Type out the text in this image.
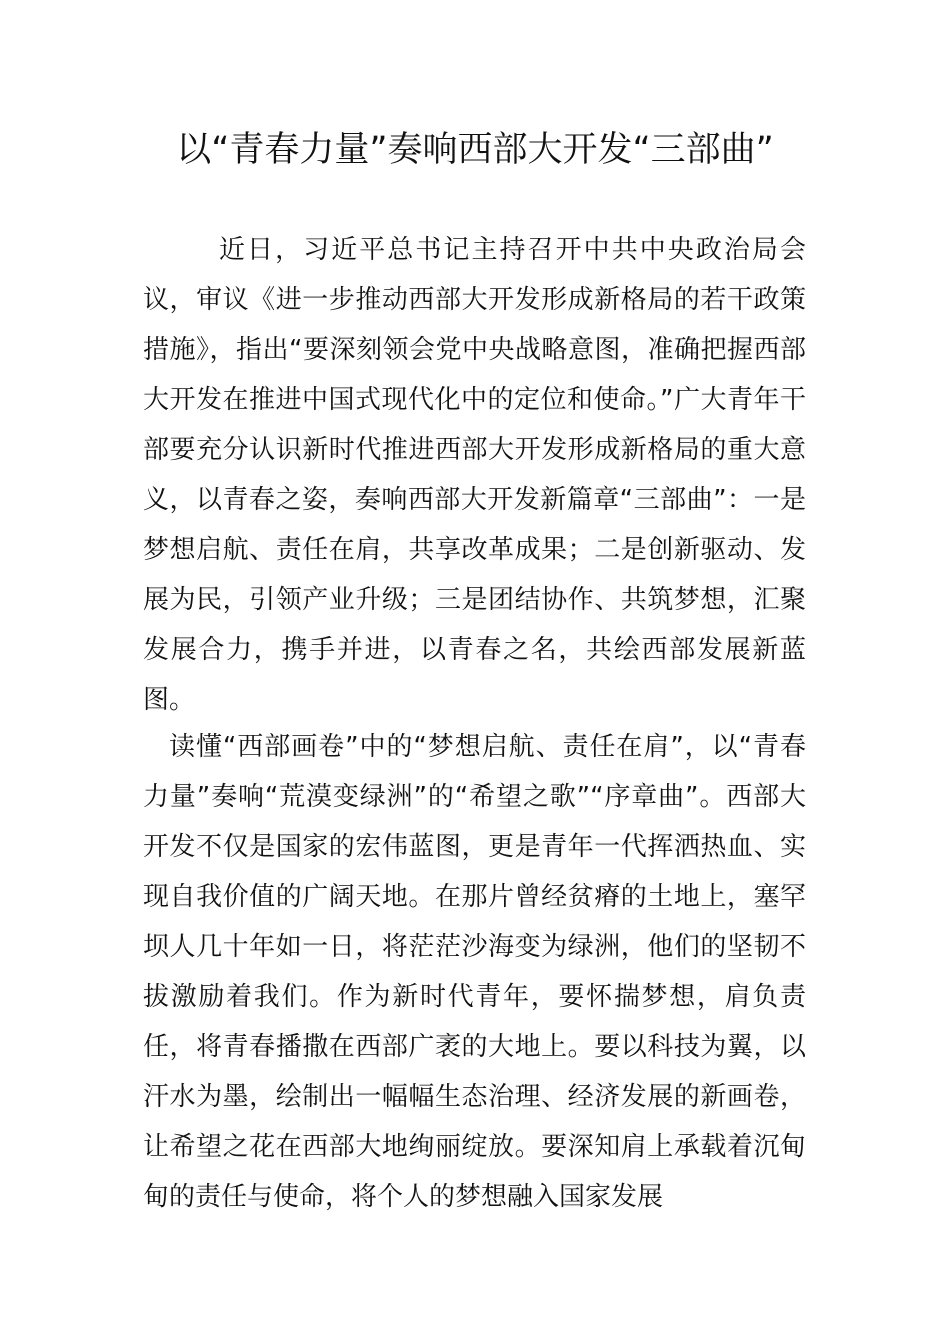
以“青春力量”奏响西部大开发“三部曲”

近日，习近平总书记主持召开中共中央政治局会议，审议《进一步推动西部大开发形成新格局的若干政策措施》，指出“要深刻领会党中央战略意图，准确把握西部大开发在推进中国式现代化中的定位和使命。”广大青年干部要充分认识新时代推进西部大开发形成新格局的重大意义，以青春之姿，奏响西部大开发新篇章“三部曲”：一是梦想启航、责任在肩，共享改革成果；二是创新驱动、发展为民，引领产业升级；三是团结协作、共筑梦想，汇聚发展合力，携手并进，以青春之名，共绘西部发展新蓝图。

读懂“西部画卷”中的“梦想启航、责任在肩”，以“青春力量”奏响“荒漠变绿洲”的“希望之歌”“序章曲”。西部大开发不仅是国家的宏伟蓝图，更是青年一代挥洒热血、实现自我价值的广阔天地。在那片曾经贫瘠的土地上，塞罕坝人几十年如一日，将茫茫沙海变为绿洲，他们的坚韧不拔激励着我们。作为新时代青年，要怀揣梦想，肩负责任，将青春播撒在西部广袤的大地上。要以科技为翼，以汗水为墨，绘制出一幅幅生态治理、经济发展的新画卷，让希望之花在西部大地绚丽绽放。要深知肩上承载着沉甸甸的责任与使命，将个人的梦想融入国家发展
